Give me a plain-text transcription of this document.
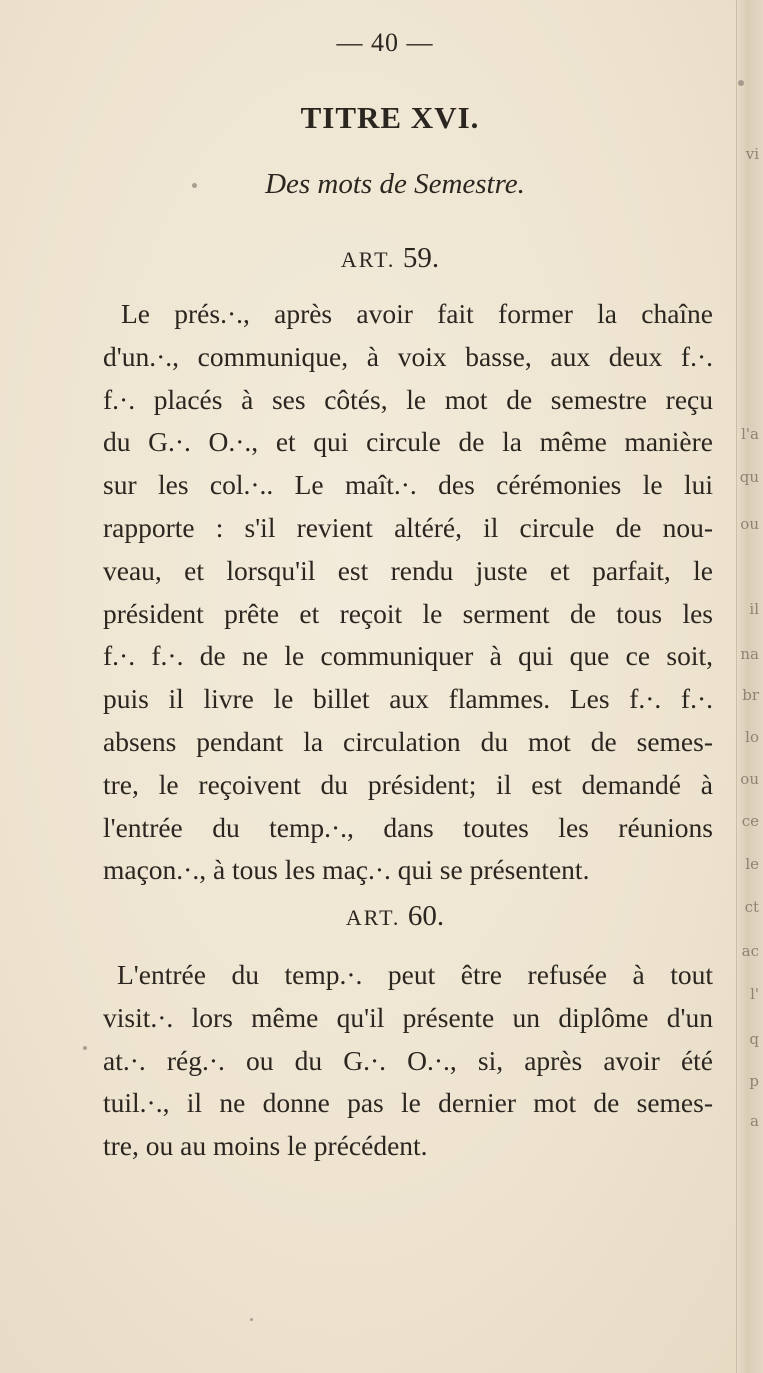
vi
l'a
qu
ou
il
na
br
lo
ou
ce
le
ct
ac
l'
q
p
a
— 40 —
TITRE XVI.
Des mots de Semestre.
ART. 59.
Le prés.·., après avoir fait former la chaîne
d'un.·., communique, à voix basse, aux deux f.·.
f.·. placés à ses côtés, le mot de semestre reçu
du G.·. O.·., et qui circule de la même manière
sur les col.·.. Le maît.·. des cérémonies le lui
rapporte : s'il revient altéré, il circule de nou-
veau, et lorsqu'il est rendu juste et parfait, le
président prête et reçoit le serment de tous les
f.·. f.·. de ne le communiquer à qui que ce soit,
puis il livre le billet aux flammes. Les f.·. f.·.
absens pendant la circulation du mot de semes-
tre, le reçoivent du président; il est demandé à
l'entrée du temp.·., dans toutes les réunions
maçon.·., à tous les maç.·. qui se présentent.
ART. 60.
L'entrée du temp.·. peut être refusée à tout
visit.·. lors même qu'il présente un diplôme d'un
at.·. rég.·. ou du G.·. O.·., si, après avoir été
tuil.·., il ne donne pas le dernier mot de semes-
tre, ou au moins le précédent.
